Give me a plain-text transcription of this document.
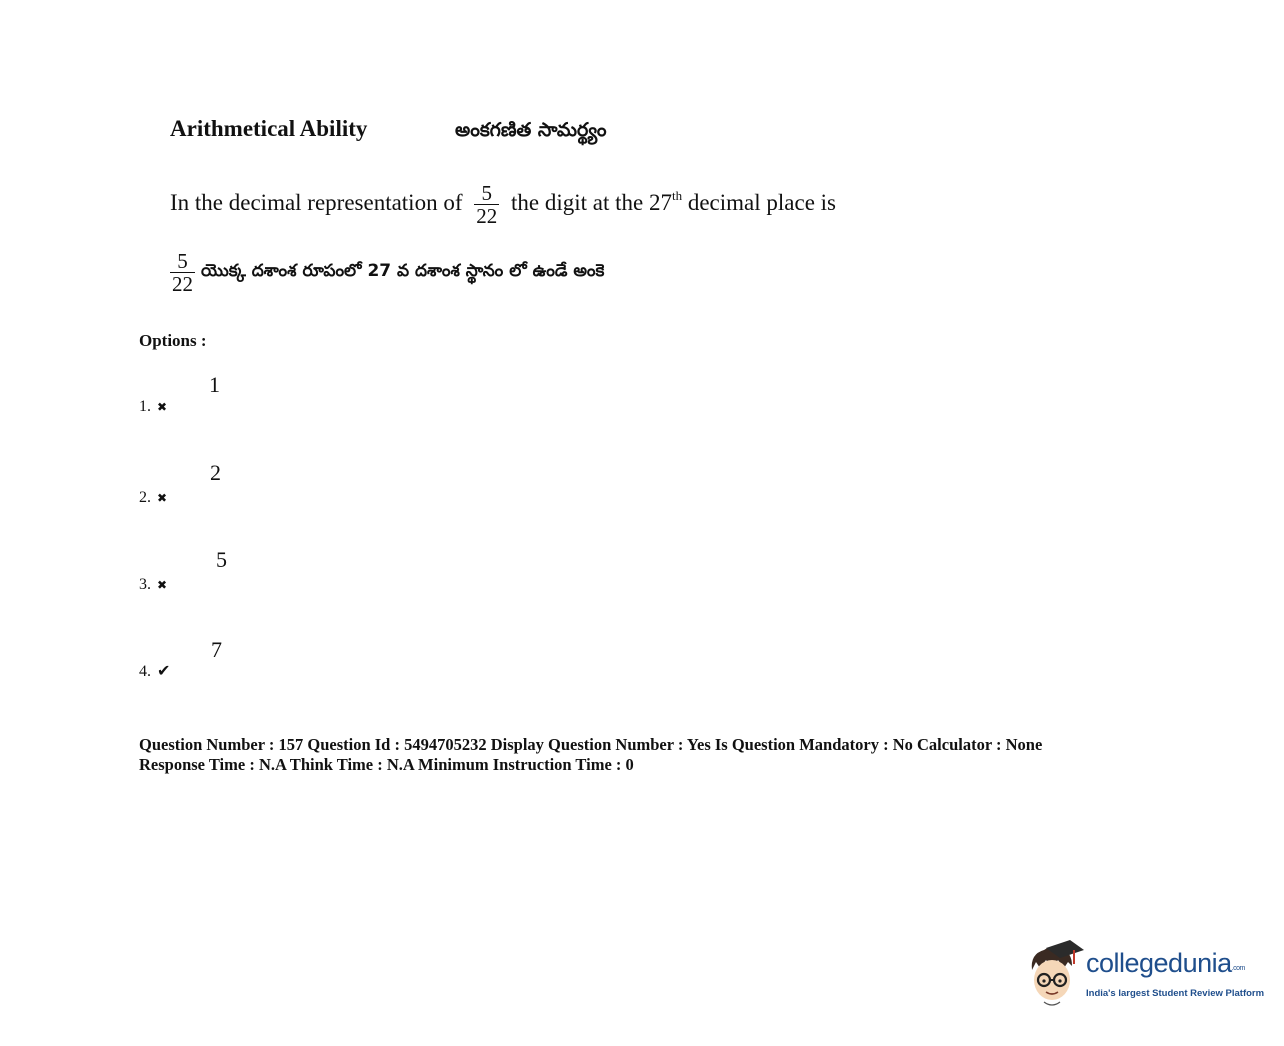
Arithmetical Ability	అంకగణిత సామర్థ్యం
In the decimal representation of $\frac{5}{22}$ the digit at the 27th decimal place is
$\frac{5}{22}$ యొక్క దశాంశ రూపంలో 27 వ దశాంశ స్థానం లో ఉండే అంకె
Options :
1
1. ✖
2
2. ✖
5
3. ✖
7
4. ✔
Question Number : 157 Question Id : 5494705232 Display Question Number : Yes Is Question Mandatory : No Calculator : None
Response Time : N.A Think Time : N.A Minimum Instruction Time : 0
collegedunia.com
India's largest Student Review Platform
